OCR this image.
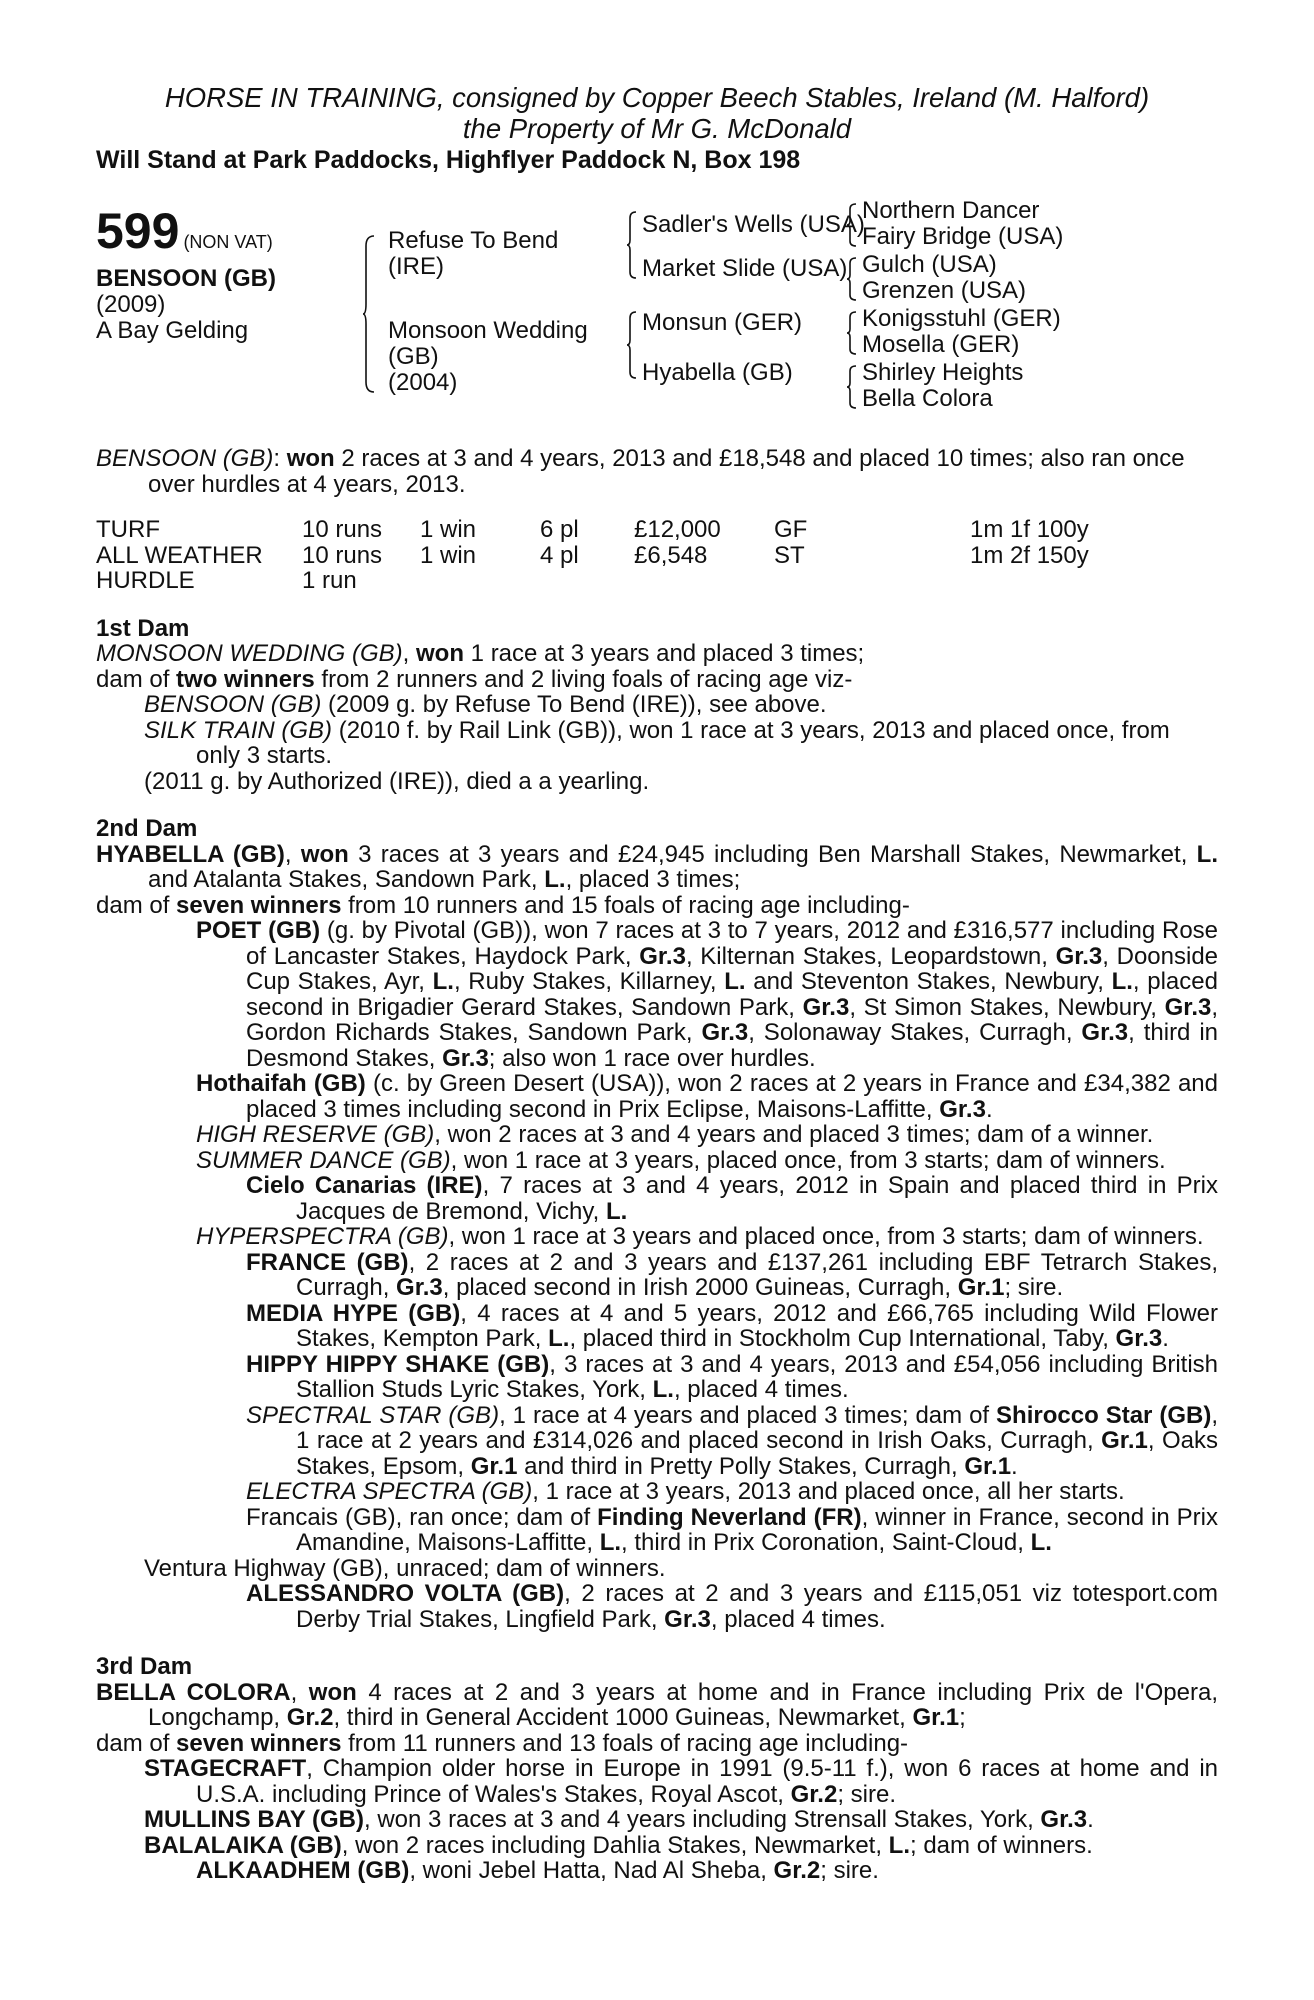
HORSE IN TRAINING, consigned by Copper Beech Stables, Ireland (M. Halford)
the Property of Mr G. McDonald
Will Stand at Park Paddocks, Highflyer Paddock N, Box 198
599 (NON VAT)
BENSOON (GB)
(2009)
A Bay Gelding
Refuse To Bend
(IRE)
Monsoon Wedding
(GB)
(2004)
Sadler's Wells (USA)
Market Slide (USA)
Monsun (GER)
Hyabella (GB)
Northern Dancer
Fairy Bridge (USA)
Gulch (USA)
Grenzen (USA)
Konigsstuhl (GER)
Mosella (GER)
Shirley Heights
Bella Colora

BENSOON (GB): won 2 races at 3 and 4 years, 2013 and £18,548 and placed 10 times; also ran once over hurdles at 4 years, 2013.

TURF	10 runs	1 win	6 pl	£12,000	GF	1m 1f 100y
ALL WEATHER	10 runs	1 win	4 pl	£6,548	ST	1m 2f 150y
HURDLE	1 run					
1st Dam

MONSOON WEDDING (GB), won 1 race at 3 years and placed 3 times;

dam of two winners from 2 runners and 2 living foals of racing age viz-

BENSOON (GB) (2009 g. by Refuse To Bend (IRE)), see above.

SILK TRAIN (GB) (2010 f. by Rail Link (GB)), won 1 race at 3 years, 2013 and placed once, from only 3 starts.

(2011 g. by Authorized (IRE)), died a a yearling.

2nd Dam

HYABELLA (GB), won 3 races at 3 years and £24,945 including Ben Marshall Stakes, Newmarket, L. and Atalanta Stakes, Sandown Park, L., placed 3 times;

dam of seven winners from 10 runners and 15 foals of racing age including-

POET (GB) (g. by Pivotal (GB)), won 7 races at 3 to 7 years, 2012 and £316,577 including Rose of Lancaster Stakes, Haydock Park, Gr.3, Kilternan Stakes, Leopardstown, Gr.3, Doonside Cup Stakes, Ayr, L., Ruby Stakes, Killarney, L. and Steventon Stakes, Newbury, L., placed second in Brigadier Gerard Stakes, Sandown Park, Gr.3, St Simon Stakes, Newbury, Gr.3, Gordon Richards Stakes, Sandown Park, Gr.3, Solonaway Stakes, Curragh, Gr.3, third in Desmond Stakes, Gr.3; also won 1 race over hurdles.

Hothaifah (GB) (c. by Green Desert (USA)), won 2 races at 2 years in France and £34,382 and placed 3 times including second in Prix Eclipse, Maisons-Laffitte, Gr.3.

HIGH RESERVE (GB), won 2 races at 3 and 4 years and placed 3 times; dam of a winner.

SUMMER DANCE (GB), won 1 race at 3 years, placed once, from 3 starts; dam of winners.

Cielo Canarias (IRE), 7 races at 3 and 4 years, 2012 in Spain and placed third in Prix Jacques de Bremond, Vichy, L.

HYPERSPECTRA (GB), won 1 race at 3 years and placed once, from 3 starts; dam of winners.

FRANCE (GB), 2 races at 2 and 3 years and £137,261 including EBF Tetrarch Stakes, Curragh, Gr.3, placed second in Irish 2000 Guineas, Curragh, Gr.1; sire.

MEDIA HYPE (GB), 4 races at 4 and 5 years, 2012 and £66,765 including Wild Flower Stakes, Kempton Park, L., placed third in Stockholm Cup International, Taby, Gr.3.

HIPPY HIPPY SHAKE (GB), 3 races at 3 and 4 years, 2013 and £54,056 including British Stallion Studs Lyric Stakes, York, L., placed 4 times.

SPECTRAL STAR (GB), 1 race at 4 years and placed 3 times; dam of Shirocco Star (GB), 1 race at 2 years and £314,026 and placed second in Irish Oaks, Curragh, Gr.1, Oaks Stakes, Epsom, Gr.1 and third in Pretty Polly Stakes, Curragh, Gr.1.

ELECTRA SPECTRA (GB), 1 race at 3 years, 2013 and placed once, all her starts.

Francais (GB), ran once; dam of Finding Neverland (FR), winner in France, second in Prix Amandine, Maisons-Laffitte, L., third in Prix Coronation, Saint-Cloud, L.

Ventura Highway (GB), unraced; dam of winners.

ALESSANDRO VOLTA (GB), 2 races at 2 and 3 years and £115,051 viz totesport.com Derby Trial Stakes, Lingfield Park, Gr.3, placed 4 times.

3rd Dam

BELLA COLORA, won 4 races at 2 and 3 years at home and in France including Prix de l'Opera, Longchamp, Gr.2, third in General Accident 1000 Guineas, Newmarket, Gr.1;

dam of seven winners from 11 runners and 13 foals of racing age including-

STAGECRAFT, Champion older horse in Europe in 1991 (9.5-11 f.), won 6 races at home and in U.S.A. including Prince of Wales's Stakes, Royal Ascot, Gr.2; sire.

MULLINS BAY (GB), won 3 races at 3 and 4 years including Strensall Stakes, York, Gr.3.

BALALAIKA (GB), won 2 races including Dahlia Stakes, Newmarket, L.; dam of winners.

ALKAADHEM (GB), woni Jebel Hatta, Nad Al Sheba, Gr.2; sire.
